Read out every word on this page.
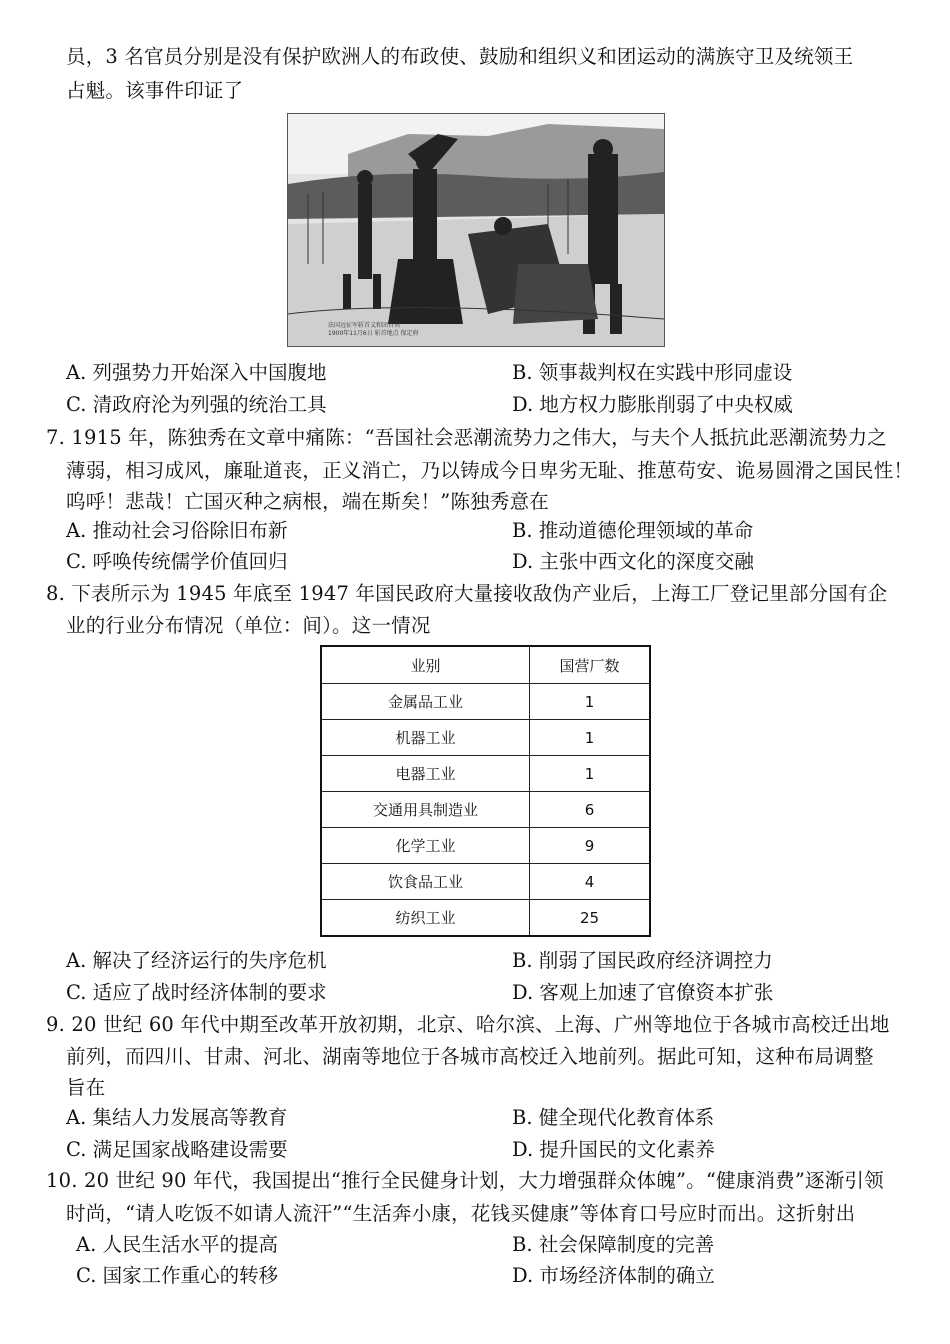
员，3 名官员分别是没有保护欧洲人的布政使、鼓励和组织义和团运动的满族守卫及统领王
占魁。该事件印证了
法国远征军斩首义和团首领
1900年11月6日 斩首地点 保定府
A. 列强势力开始深入中国腹地	B. 领事裁判权在实践中形同虚设
C. 清政府沦为列强的统治工具	D. 地方权力膨胀削弱了中央权威
7. 1915 年，陈独秀在文章中痛陈：“吾国社会恶潮流势力之伟大，与夫个人抵抗此恶潮流势力之
薄弱，相习成风，廉耻道丧，正义消亡，乃以铸成今日卑劣无耻、推葸苟安、诡易圆滑之国民性！
呜呼！悲哉！亡国灭种之病根，端在斯矣！”陈独秀意在
A. 推动社会习俗除旧布新	B. 推动道德伦理领域的革命
C. 呼唤传统儒学价值回归	D. 主张中西文化的深度交融
8. 下表所示为 1945 年底至 1947 年国民政府大量接收敌伪产业后，上海工厂登记里部分国有企
业的行业分布情况（单位：间）。这一情况
业别	国营厂数
金属品工业	1
机器工业	1
电器工业	1
交通用具制造业	6
化学工业	9
饮食品工业	4
纺织工业	25
A. 解决了经济运行的失序危机	B. 削弱了国民政府经济调控力
C. 适应了战时经济体制的要求	D. 客观上加速了官僚资本扩张
9. 20 世纪 60 年代中期至改革开放初期，北京、哈尔滨、上海、广州等地位于各城市高校迁出地
前列，而四川、甘肃、河北、湖南等地位于各城市高校迁入地前列。据此可知，这种布局调整
旨在
A. 集结人力发展高等教育	B. 健全现代化教育体系
C. 满足国家战略建设需要	D. 提升国民的文化素养
10. 20 世纪 90 年代，我国提出“推行全民健身计划，大力增强群众体魄”。“健康消费”逐渐引领
时尚，“请人吃饭不如请人流汗”“生活奔小康，花钱买健康”等体育口号应时而出。这折射出
A. 人民生活水平的提高	B. 社会保障制度的完善
C. 国家工作重心的转移	D. 市场经济体制的确立
